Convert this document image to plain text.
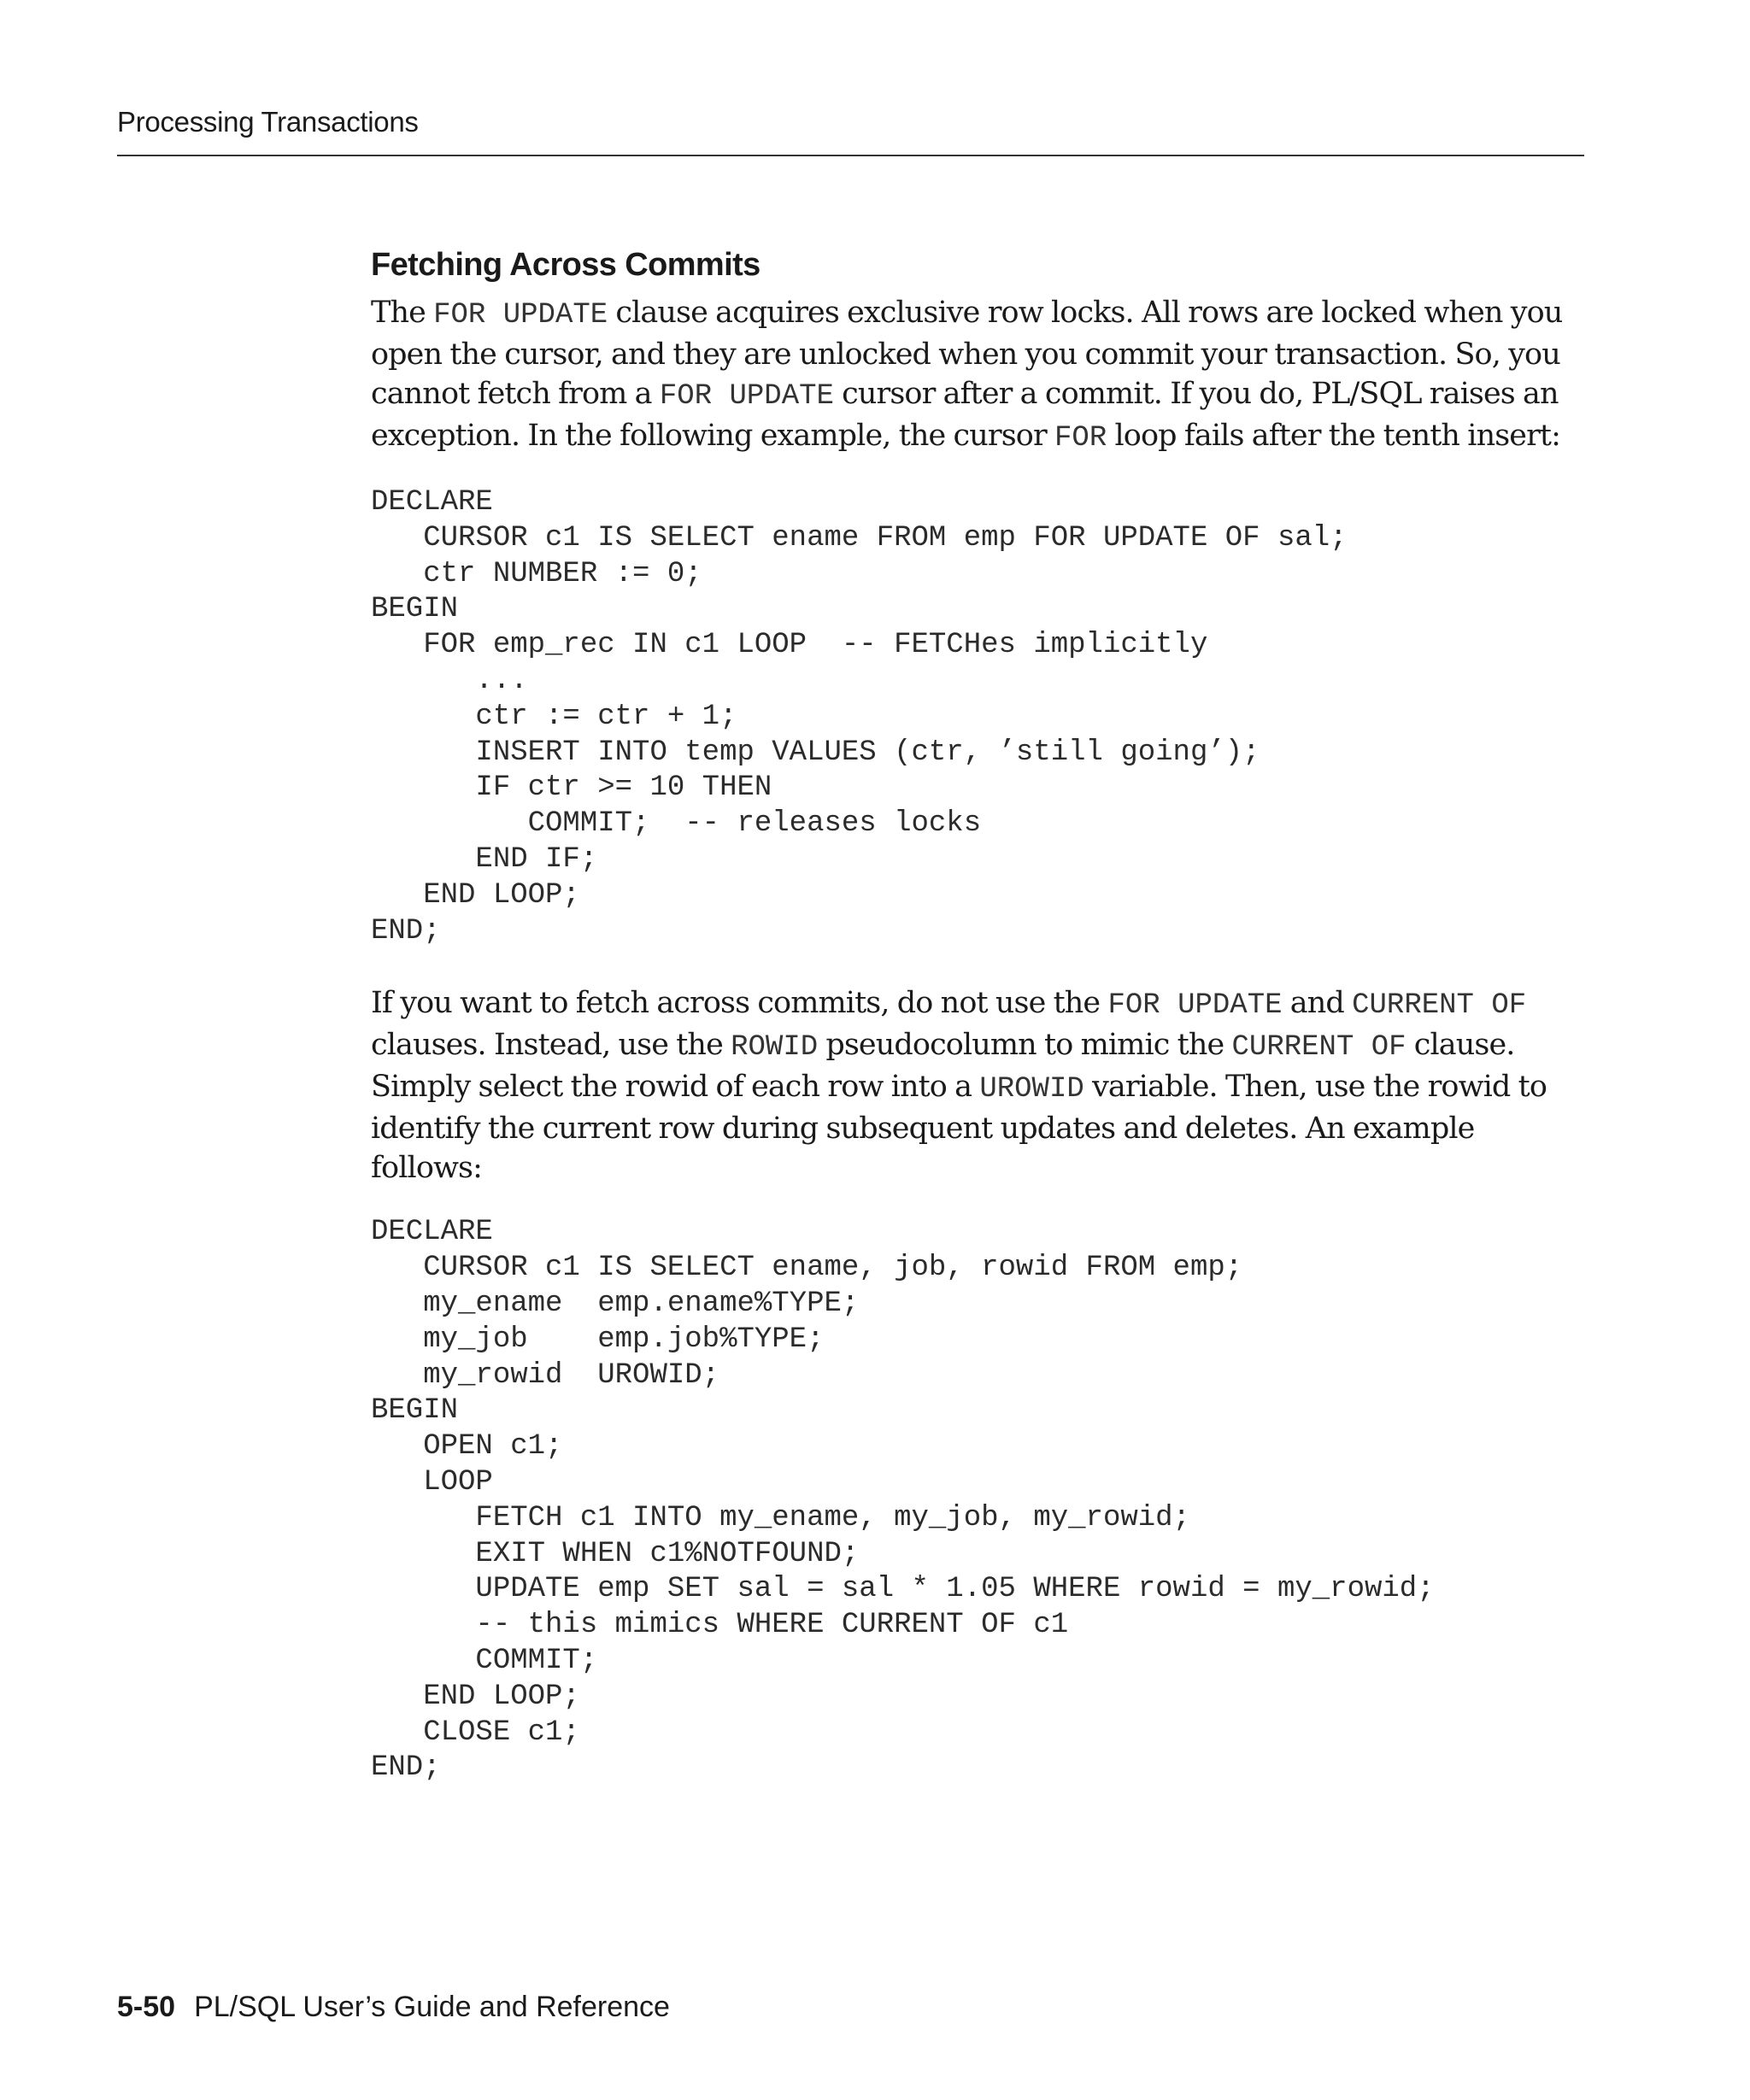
Processing Transactions
Fetching Across Commits

The FOR UPDATE clause acquires exclusive row locks. All rows are locked when you

open the cursor, and they are unlocked when you commit your transaction. So, you

cannot fetch from a FOR UPDATE cursor after a commit. If you do, PL/SQL raises an

exception. In the following example, the cursor FOR loop fails after the tenth insert:

DECLARE
CURSOR c1 IS SELECT ename FROM emp FOR UPDATE OF sal;
ctr NUMBER := 0;
BEGIN
FOR emp_rec IN c1 LOOP  -- FETCHes implicitly
...
ctr := ctr + 1;
INSERT INTO temp VALUES (ctr, ’still going’);
IF ctr >= 10 THEN
COMMIT;  -- releases locks
END IF;
END LOOP;
END;

If you want to fetch across commits, do not use the FOR UPDATE and CURRENT OF

clauses. Instead, use the ROWID pseudocolumn to mimic the CURRENT OF clause.

Simply select the rowid of each row into a UROWID variable. Then, use the rowid to

identify the current row during subsequent updates and deletes. An example

follows:

DECLARE
CURSOR c1 IS SELECT ename, job, rowid FROM emp;
my_ename  emp.ename%TYPE;
my_job    emp.job%TYPE;
my_rowid  UROWID;
BEGIN
OPEN c1;
LOOP
FETCH c1 INTO my_ename, my_job, my_rowid;
EXIT WHEN c1%NOTFOUND;
UPDATE emp SET sal = sal * 1.05 WHERE rowid = my_rowid;
-- this mimics WHERE CURRENT OF c1
COMMIT;
END LOOP;
CLOSE c1;
END;
5-50 PL/SQL User’s Guide and Reference
